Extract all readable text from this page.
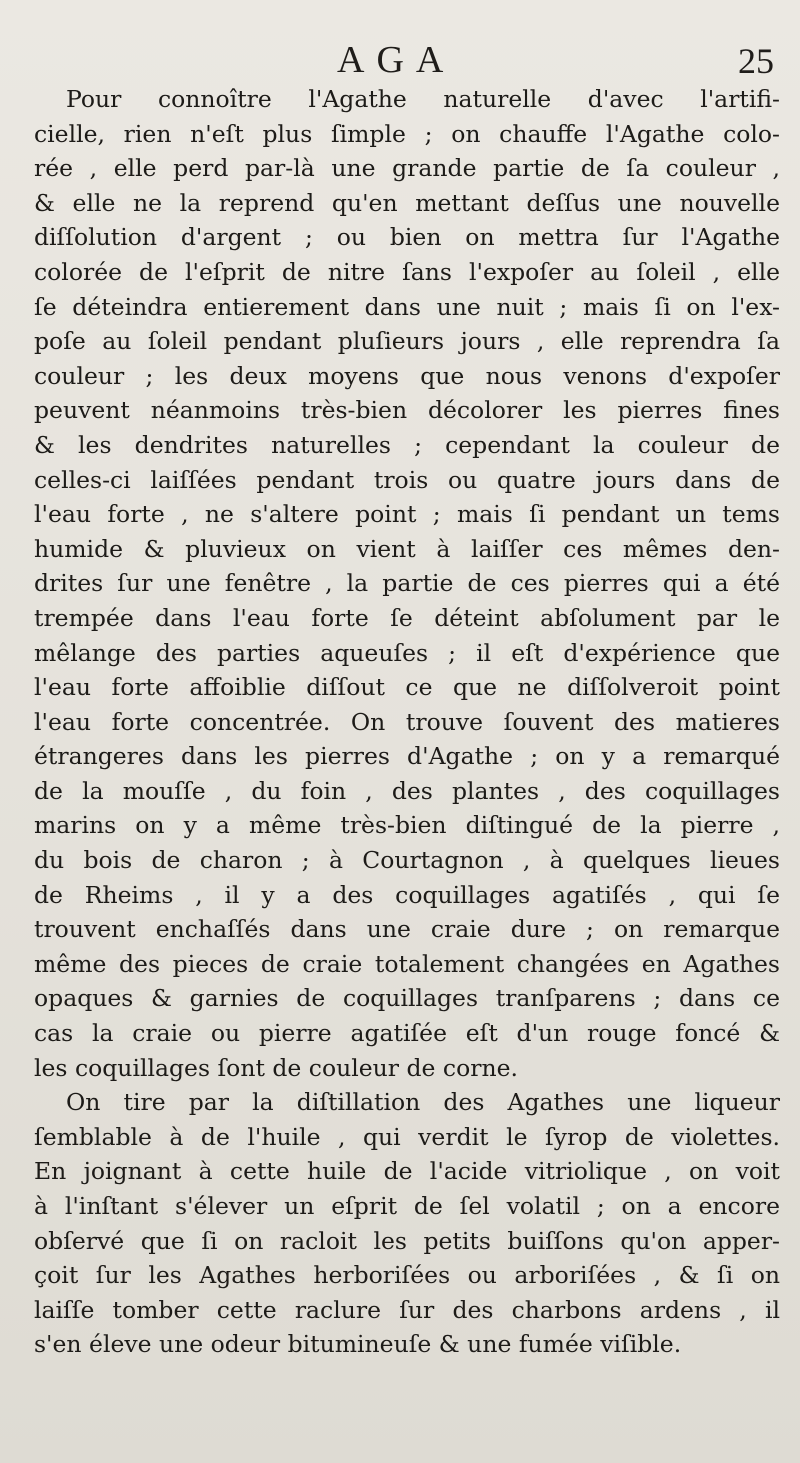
AGA	25
Pour connoître l'Agathe naturelle d'avec l'artifi-
cielle, rien n'eſt plus ſimple ; on chauffe l'Agathe colo-
rée , elle perd par-là une grande partie de ſa couleur ,
& elle ne la reprend qu'en mettant deſſus une nouvelle
diſſolution d'argent ; ou bien on mettra ſur l'Agathe
colorée de l'eſprit de nitre ſans l'expoſer au ſoleil , elle
ſe déteindra entierement dans une nuit ; mais ſi on l'ex-
poſe au ſoleil pendant pluſieurs jours , elle reprendra ſa
couleur ; les deux moyens que nous venons d'expoſer
peuvent néanmoins très-bien décolorer les pierres fines
& les dendrites naturelles ; cependant la couleur de
celles-ci laiſſées pendant trois ou quatre jours dans de
l'eau forte , ne s'altere point ; mais ſi pendant un tems
humide & pluvieux on vient à laiſſer ces mêmes den-
drites ſur une fenêtre , la partie de ces pierres qui a été
trempée dans l'eau forte ſe déteint abſolument par le
mêlange des parties aqueuſes ; il eſt d'expérience que
l'eau forte affoiblie diſſout ce que ne diſſolveroit point
l'eau forte concentrée. On trouve ſouvent des matieres
étrangeres dans les pierres d'Agathe ; on y a remarqué
de la mouſſe , du foin , des plantes , des coquillages
marins on y a même très-bien diſtingué de la pierre ,
du bois de charon ; à Courtagnon , à quelques lieues
de Rheims , il y a des coquillages agatiſés , qui ſe
trouvent enchaſſés dans une craie dure ; on remarque
même des pieces de craie totalement changées en Agathes
opaques & garnies de coquillages tranſparens ; dans ce
cas la craie ou pierre agatiſée eſt d'un rouge foncé &
les coquillages ſont de couleur de corne.
On tire par la diſtillation des Agathes une liqueur
ſemblable à de l'huile , qui verdit le ſyrop de violettes.
En joignant à cette huile de l'acide vitriolique , on voit
à l'inſtant s'élever un eſprit de ſel volatil ; on a encore
obſervé que ſi on racloit les petits buiſſons qu'on apper-
çoit ſur les Agathes herboriſées ou arboriſées , & ſi on
laiſſe tomber cette raclure ſur des charbons ardens , il
s'en éleve une odeur bitumineuſe & une fumée viſible.
